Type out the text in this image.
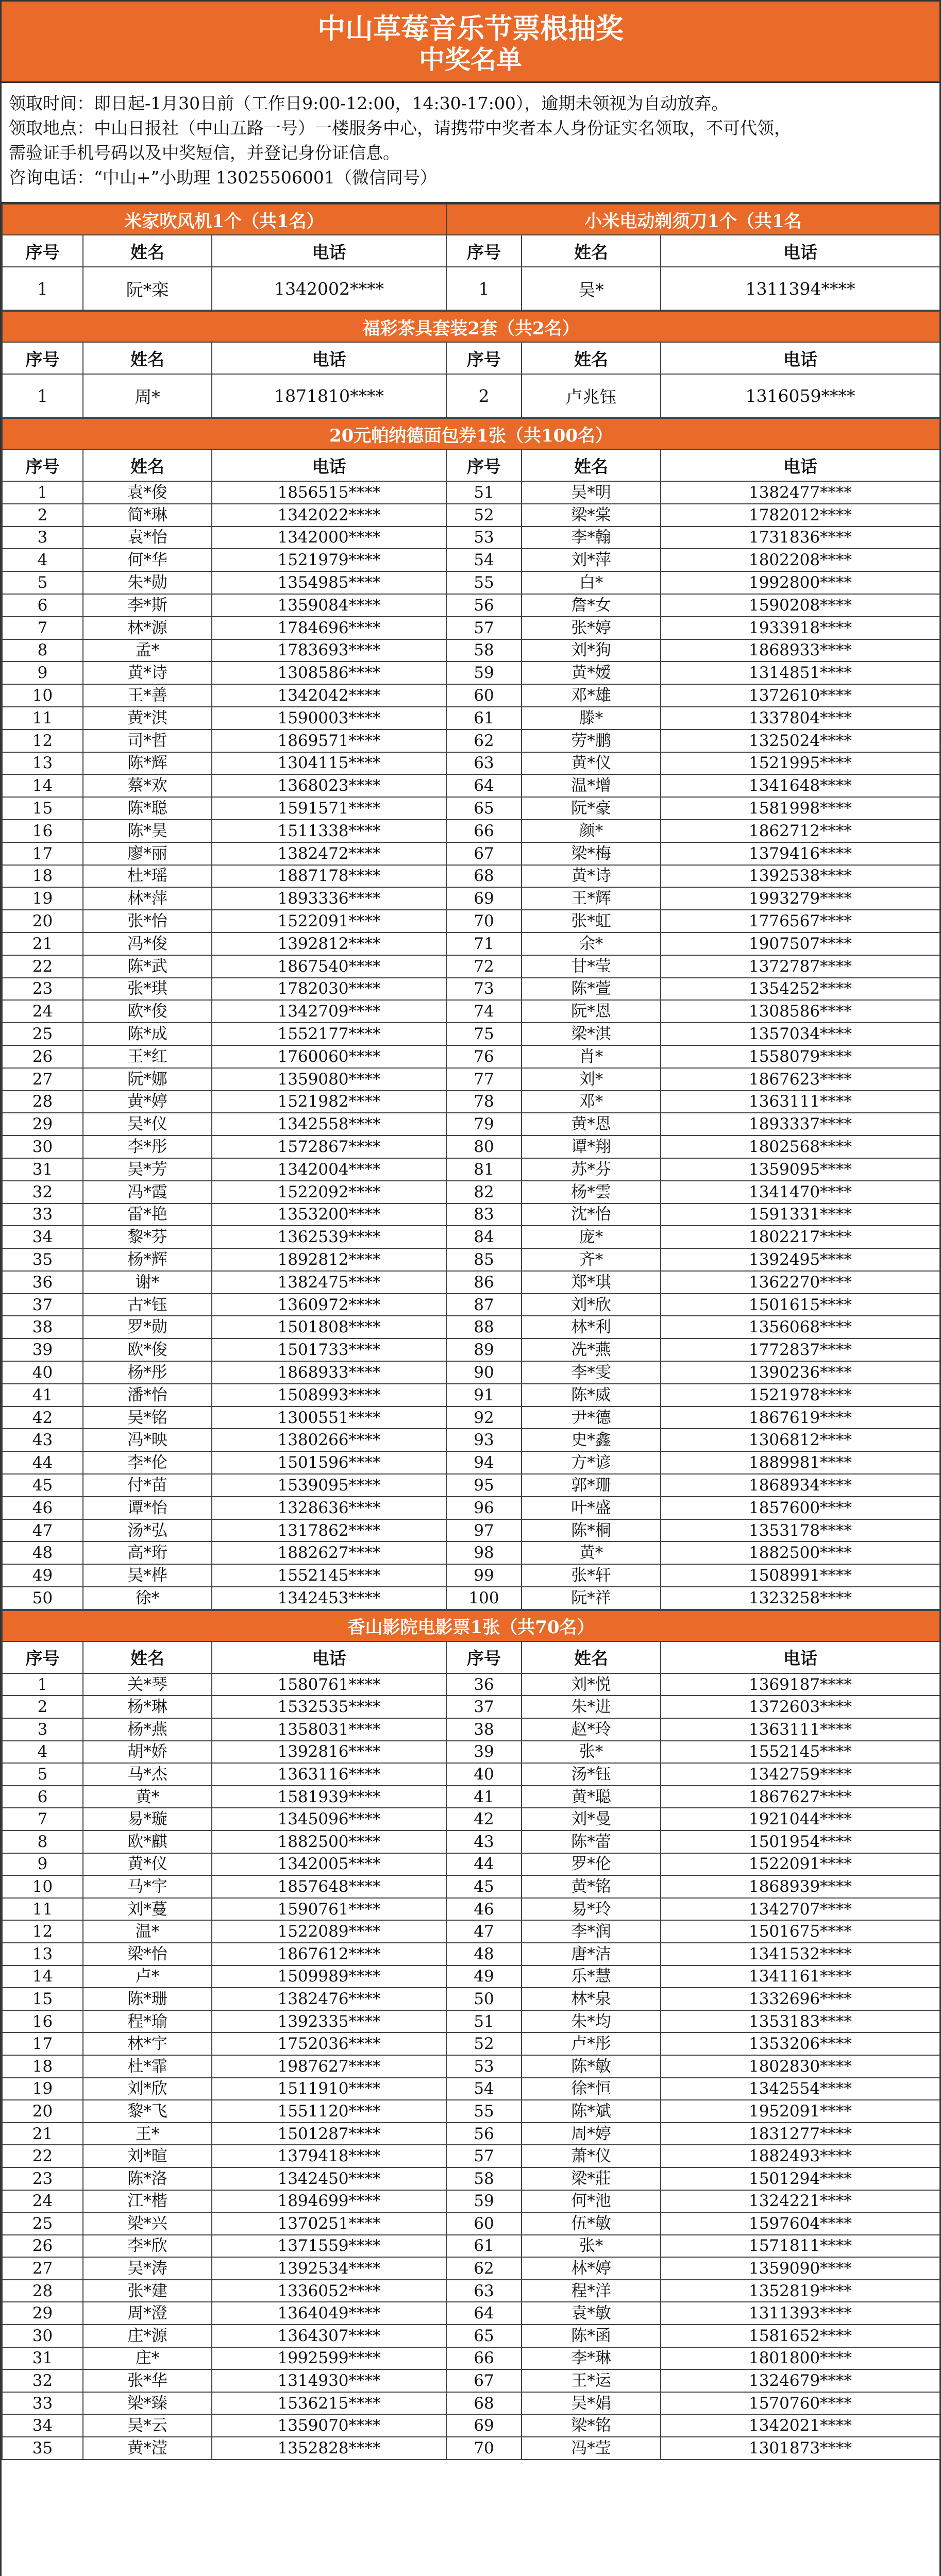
中山草莓音乐节票根抽奖
中奖名单
领取时间：即日起-1月30日前（工作日9:00-12:00，14:30-17:00），逾期未领视为自动放弃。
领取地点：中山日报社（中山五路一号）一楼服务中心，请携带中奖者本人身份证实名领取，不可代领，
需验证手机号码以及中奖短信，并登记身份证信息。
咨询电话：“中山+”小助理 13025506001（微信同号）
米家吹风机1个（共1名）			小米电动剃须刀1个（共1名		
序号	姓名	电话	序号	姓名	电话
1	阮*栾	1342002****	1	吴*	1311394****
福彩茶具套装2套（共2名）					
序号	姓名	电话	序号	姓名	电话
1	周*	1871810****	2	卢兆钰	1316059****
20元帕纳德面包券1张（共100名）					
序号	姓名	电话	序号	姓名	电话
1	袁*俊	1856515****	51	吴*明	1382477****
2	简*琳	1342022****	52	梁*棠	1782012****
3	袁*怡	1342000****	53	李*翰	1731836****
4	何*华	1521979****	54	刘*萍	1802208****
5	朱*勋	1354985****	55	白*	1992800****
6	李*斯	1359084****	56	詹*女	1590208****
7	林*源	1784696****	57	张*婷	1933918****
8	孟*	1783693****	58	刘*狗	1868933****
9	黄*诗	1308586****	59	黄*嫒	1314851****
10	王*善	1342042****	60	邓*雄	1372610****
11	黄*淇	1590003****	61	滕*	1337804****
12	司*哲	1869571****	62	劳*鹏	1325024****
13	陈*辉	1304115****	63	黄*仪	1521995****
14	蔡*欢	1368023****	64	温*增	1341648****
15	陈*聪	1591571****	65	阮*豪	1581998****
16	陈*昊	1511338****	66	颜*	1862712****
17	廖*丽	1382472****	67	梁*梅	1379416****
18	杜*瑶	1887178****	68	黄*诗	1392538****
19	林*萍	1893336****	69	王*辉	1993279****
20	张*怡	1522091****	70	张*虹	1776567****
21	冯*俊	1392812****	71	余*	1907507****
22	陈*武	1867540****	72	甘*莹	1372787****
23	张*琪	1782030****	73	陈*萱	1354252****
24	欧*俊	1342709****	74	阮*恩	1308586****
25	陈*成	1552177****	75	梁*淇	1357034****
26	王*红	1760060****	76	肖*	1558079****
27	阮*娜	1359080****	77	刘*	1867623****
28	黄*婷	1521982****	78	邓*	1363111****
29	吴*仪	1342558****	79	黄*恩	1893337****
30	李*彤	1572867****	80	谭*翔	1802568****
31	吴*芳	1342004****	81	苏*芬	1359095****
32	冯*霞	1522092****	82	杨*雲	1341470****
33	雷*艳	1353200****	83	沈*怡	1591331****
34	黎*芬	1362539****	84	庞*	1802217****
35	杨*辉	1892812****	85	齐*	1392495****
36	谢*	1382475****	86	郑*琪	1362270****
37	古*钰	1360972****	87	刘*欣	1501615****
38	罗*勋	1501808****	88	林*利	1356068****
39	欧*俊	1501733****	89	冼*燕	1772837****
40	杨*彤	1868933****	90	李*雯	1390236****
41	潘*怡	1508993****	91	陈*威	1521978****
42	吴*铭	1300551****	92	尹*德	1867619****
43	冯*映	1380266****	93	史*鑫	1306812****
44	李*伦	1501596****	94	方*谚	1889981****
45	付*苗	1539095****	95	郭*珊	1868934****
46	谭*怡	1328636****	96	叶*盛	1857600****
47	汤*弘	1317862****	97	陈*桐	1353178****
48	高*珩	1882627****	98	黄*	1882500****
49	吴*桦	1552145****	99	张*轩	1508991****
50	徐*	1342453****	100	阮*祥	1323258****
香山影院电影票1张（共70名）					
序号	姓名	电话	序号	姓名	电话
1	关*琴	1580761****	36	刘*悦	1369187****
2	杨*琳	1532535****	37	朱*进	1372603****
3	杨*燕	1358031****	38	赵*玲	1363111****
4	胡*娇	1392816****	39	张*	1552145****
5	马*杰	1363116****	40	汤*钰	1342759****
6	黄*	1581939****	41	黄*聪	1867627****
7	易*璇	1345096****	42	刘*曼	1921044****
8	欧*麒	1882500****	43	陈*蕾	1501954****
9	黄*仪	1342005****	44	罗*伦	1522091****
10	马*宇	1857648****	45	黄*铭	1868939****
11	刘*蔓	1590761****	46	易*玲	1342707****
12	温*	1522089****	47	李*润	1501675****
13	梁*怡	1867612****	48	唐*洁	1341532****
14	卢*	1509989****	49	乐*慧	1341161****
15	陈*珊	1382476****	50	林*泉	1332696****
16	程*瑜	1392335****	51	朱*均	1353183****
17	林*宇	1752036****	52	卢*彤	1353206****
18	杜*霏	1987627****	53	陈*敏	1802830****
19	刘*欣	1511910****	54	徐*恒	1342554****
20	黎*飞	1551120****	55	陈*斌	1952091****
21	王*	1501287****	56	周*婷	1831277****
22	刘*暄	1379418****	57	萧*仪	1882493****
23	陈*洛	1342450****	58	梁*莊	1501294****
24	江*楷	1894699****	59	何*池	1324221****
25	梁*兴	1370251****	60	伍*敏	1597604****
26	李*欣	1371559****	61	张*	1571811****
27	吴*涛	1392534****	62	林*婷	1359090****
28	张*建	1336052****	63	程*洋	1352819****
29	周*澄	1364049****	64	袁*敏	1311393****
30	庄*源	1364307****	65	陈*函	1581652****
31	庄*	1992599****	66	李*琳	1801800****
32	张*华	1314930****	67	王*运	1324679****
33	梁*臻	1536215****	68	吴*娟	1570760****
34	吴*云	1359070****	69	梁*铭	1342021****
35	黄*滢	1352828****	70	冯*莹	1301873****
